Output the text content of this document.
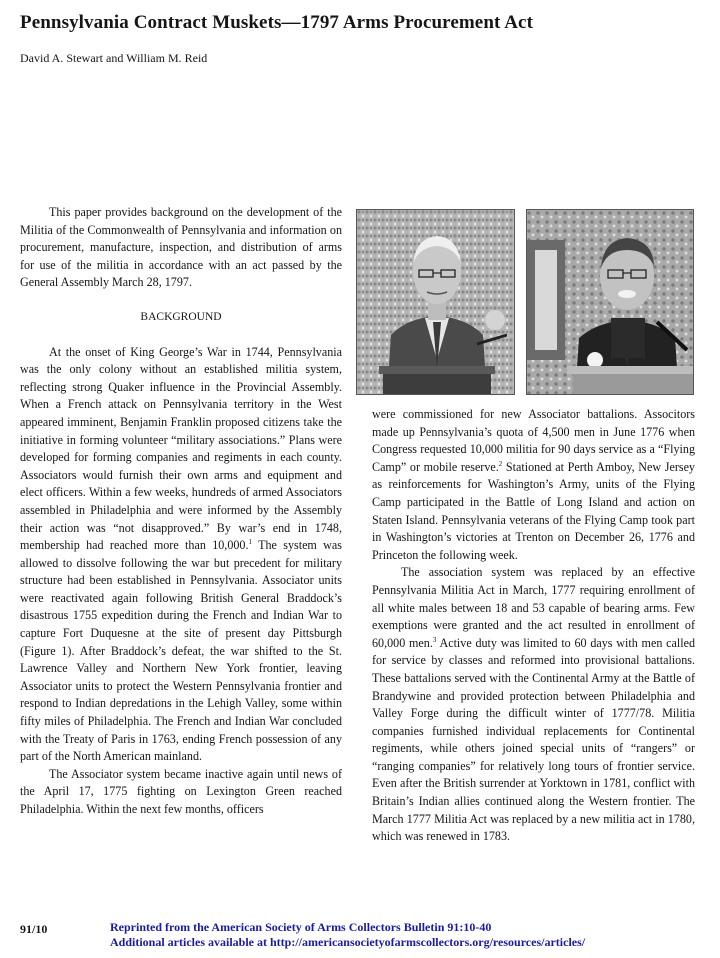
Pennsylvania Contract Muskets—1797 Arms Procurement Act
David A. Stewart and William M. Reid

This paper provides background on the development of the Militia of the Commonwealth of Pennsylvania and information on procurement, manufacture, inspection, and distribution of arms for use of the militia in accordance with an act passed by the General Assembly March 28, 1797.

BACKGROUND

At the onset of King George’s War in 1744, Pennsylvania was the only colony without an established militia system, reflecting strong Quaker influence in the Provincial Assembly. When a French attack on Pennsylvania territory in the West appeared imminent, Benjamin Franklin proposed citizens take the initiative in forming volunteer “military associations.” Plans were developed for forming companies and regiments in each county. Associators would furnish their own arms and equipment and elect officers. Within a few weeks, hundreds of armed Associators assembled in Philadelphia and were informed by the Assembly their action was “not disapproved.” By war’s end in 1748, membership had reached more than 10,000.$^1$ The system was allowed to dissolve following the war but precedent for military structure had been established in Pennsylvania. Associator units were reactivated again following British General Braddock’s disastrous 1755 expedition during the French and Indian War to capture Fort Duquesne at the site of present day Pittsburgh (Figure 1). After Braddock’s defeat, the war shifted to the St. Lawrence Valley and Northern New York frontier, leaving Associator units to protect the Western Pennsylvania frontier and respond to Indian depredations in the Lehigh Valley, some within fifty miles of Philadelphia. The French and Indian War concluded with the Treaty of Paris in 1763, ending French possession of any part of the North American mainland.

The Associator system became inactive again until news of the April 17, 1775 fighting on Lexington Green reached Philadelphia. Within the next few months, officers

were commissioned for new Associator battalions. Associtors made up Pennsylvania’s quota of 4,500 men in June 1776 when Congress requested 10,000 militia for 90 days service as a “Flying Camp” or mobile reserve.$^2$ Stationed at Perth Amboy, New Jersey as reinforcements for Washington’s Army, units of the Flying Camp participated in the Battle of Long Island and action on Staten Island. Pennsylvania veterans of the Flying Camp took part in Washington’s victories at Trenton on December 26, 1776 and Princeton the following week.

The association system was replaced by an effective Pennsylvania Militia Act in March, 1777 requiring enrollment of all white males between 18 and 53 capable of bearing arms. Few exemptions were granted and the act resulted in enrollment of 60,000 men.$^3$ Active duty was limited to 60 days with men called for service by classes and reformed into provisional battalions. These battalions served with the Continental Army at the Battle of Brandywine and provided protection between Philadelphia and Valley Forge during the difficult winter of 1777/78. Militia companies furnished individual replacements for Continental regiments, while others joined special units of “rangers” or “ranging companies” for relatively long tours of frontier service. Even after the British surrender at Yorktown in 1781, conflict with Britain’s Indian allies continued along the Western frontier. The March 1777 Militia Act was replaced by a new militia act in 1780, which was renewed in 1783.

91/10	Reprinted from the American Society of Arms Collectors Bulletin 91:10-40
Additional articles available at http://americansocietyofarmscollectors.org/resources/articles/
